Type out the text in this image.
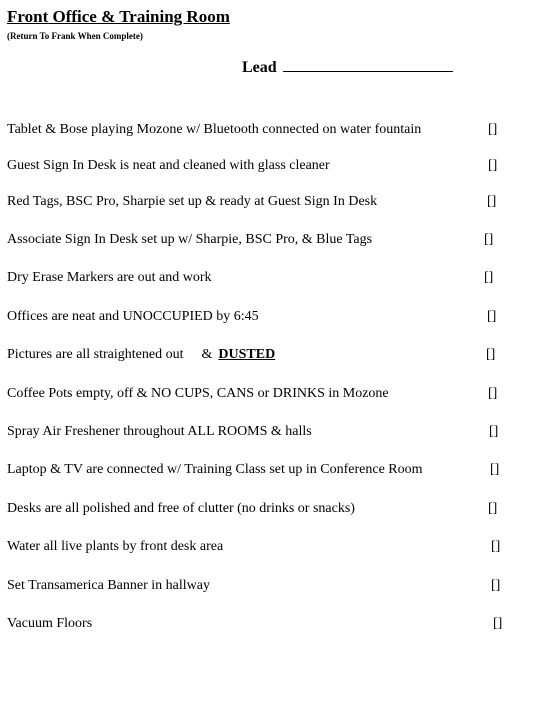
Front Office & Training Room
(Return To Frank When Complete)
Lead
Tablet & Bose playing Mozone w/ Bluetooth connected on water fountain	[]
Guest Sign In Desk is neat and cleaned with glass cleaner	[]
Red Tags, BSC Pro, Sharpie set up & ready at Guest Sign In Desk	[]
Associate Sign In Desk set up w/ Sharpie, BSC Pro, & Blue Tags	[]
Dry Erase Markers are out and work	[]
Offices are neat and UNOCCUPIED by 6:45	[]
Pictures are all straightened out & DUSTED	[]
Coffee Pots empty, off & NO CUPS, CANS or DRINKS in Mozone	[]
Spray Air Freshener throughout ALL ROOMS & halls	[]
Laptop & TV are connected w/ Training Class set up in Conference Room	[]
Desks are all polished and free of clutter (no drinks or snacks)	[]
Water all live plants by front desk area	[]
Set Transamerica Banner in hallway	[]
Vacuum Floors	[]
